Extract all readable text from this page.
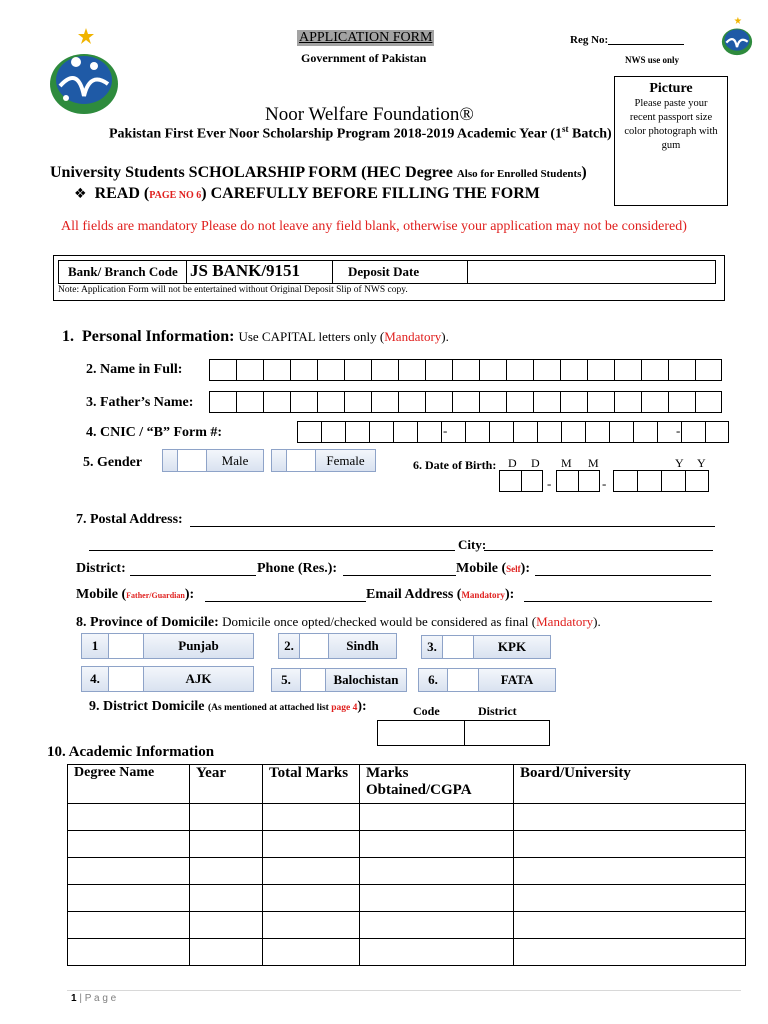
APPLICATION FORM
Government of Pakistan
Reg No:
NWS use only
Picture
Please paste your recent passport size color photograph with gum
Noor Welfare Foundation®
Pakistan First Ever Noor Scholarship Program 2018-2019 Academic Year (1st Batch)
University Students SCHOLARSHIP FORM (HEC Degree Also for Enrolled Students)
❖ READ (PAGE NO 6) CAREFULLY BEFORE FILLING THE FORM
All fields are mandatory Please do not leave any field blank, otherwise your application may not be considered)
Bank/ Branch Code JS BANK/9151	Deposit Date
Note: Application Form will not be entertained without Original Deposit Slip of NWS copy.
1. Personal Information: Use CAPITAL letters only (Mandatory).
2. Name in Full:
3. Father’s Name:
4. CNIC / “B” Form #:	-	-
5. Gender	Male	Female	6. Date of Birth: D D M M	Y Y
-	-
7. Postal Address:
City:
District:	Phone (Res.):	Mobile (Self):
Mobile (Father/Guardian):	Email Address (Mandatory):
8. Province of Domicile: Domicile once opted/checked would be considered as final (Mandatory).
1	Punjab	2.	Sindh	3.	KPK
4.	AJK	5.	Balochistan	6.	FATA
9. District Domicile (As mentioned at attached list page 4):	Code	District
10. Academic Information
Degree Name	Year	Total Marks	Marks Obtained/CGPA	Board/University

1 | P a g e
